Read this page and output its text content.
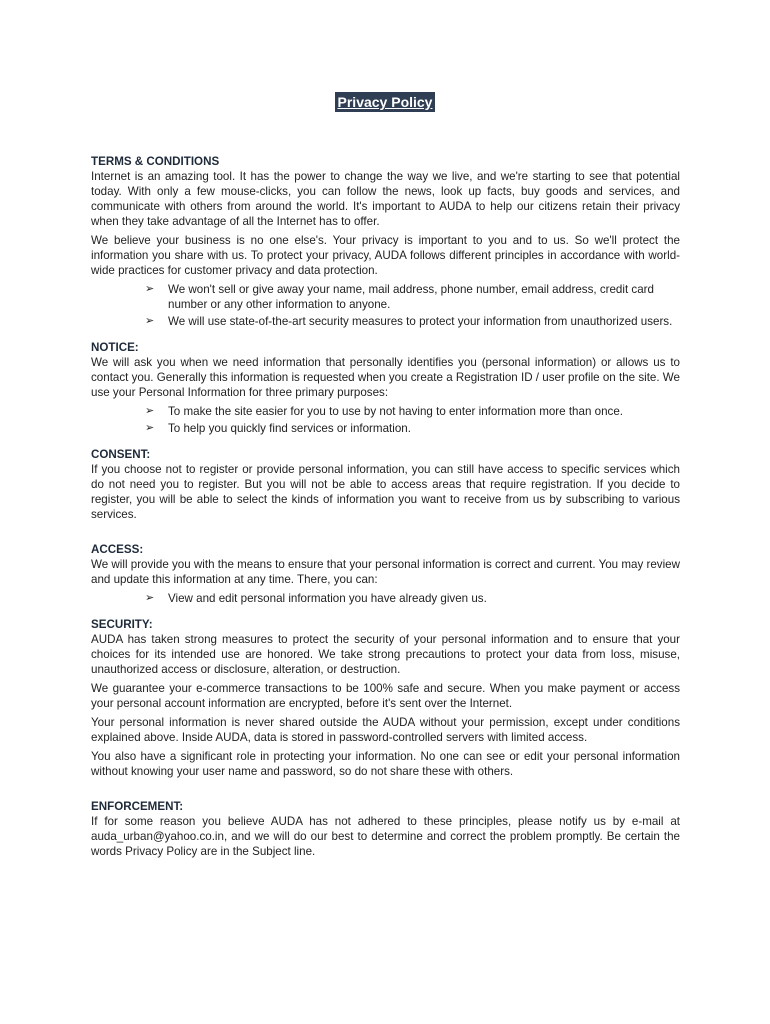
Privacy Policy

TERMS & CONDITIONS

Internet is an amazing tool. It has the power to change the way we live, and we're starting to see that potential today. With only a few mouse-clicks, you can follow the news, look up facts, buy goods and services, and communicate with others from around the world. It's important to AUDA to help our citizens retain their privacy when they take advantage of all the Internet has to offer.

We believe your business is no one else's. Your privacy is important to you and to us. So we'll protect the information you share with us. To protect your privacy, AUDA follows different principles in accordance with world-wide practices for customer privacy and data protection.

➢ We won't sell or give away your name, mail address, phone number, email address, credit card number or any other information to anyone.
➢ We will use state-of-the-art security measures to protect your information from unauthorized users.

NOTICE:

We will ask you when we need information that personally identifies you (personal information) or allows us to contact you. Generally this information is requested when you create a Registration ID / user profile on the site. We use your Personal Information for three primary purposes:

➢ To make the site easier for you to use by not having to enter information more than once.
➢ To help you quickly find services or information.

CONSENT:

If you choose not to register or provide personal information, you can still have access to specific services which do not need you to register. But you will not be able to access areas that require registration. If you decide to register, you will be able to select the kinds of information you want to receive from us by subscribing to various services.

ACCESS:

We will provide you with the means to ensure that your personal information is correct and current. You may review and update this information at any time. There, you can:

➢ View and edit personal information you have already given us.

SECURITY:

AUDA has taken strong measures to protect the security of your personal information and to ensure that your choices for its intended use are honored. We take strong precautions to protect your data from loss, misuse, unauthorized access or disclosure, alteration, or destruction.

We guarantee your e-commerce transactions to be 100% safe and secure. When you make payment or access your personal account information are encrypted, before it's sent over the Internet.

Your personal information is never shared outside the AUDA without your permission, except under conditions explained above. Inside AUDA, data is stored in password-controlled servers with limited access.

You also have a significant role in protecting your information. No one can see or edit your personal information without knowing your user name and password, so do not share these with others.

ENFORCEMENT:

If for some reason you believe AUDA has not adhered to these principles, please notify us by e-mail at auda_urban@yahoo.co.in, and we will do our best to determine and correct the problem promptly. Be certain the words Privacy Policy are in the Subject line.
